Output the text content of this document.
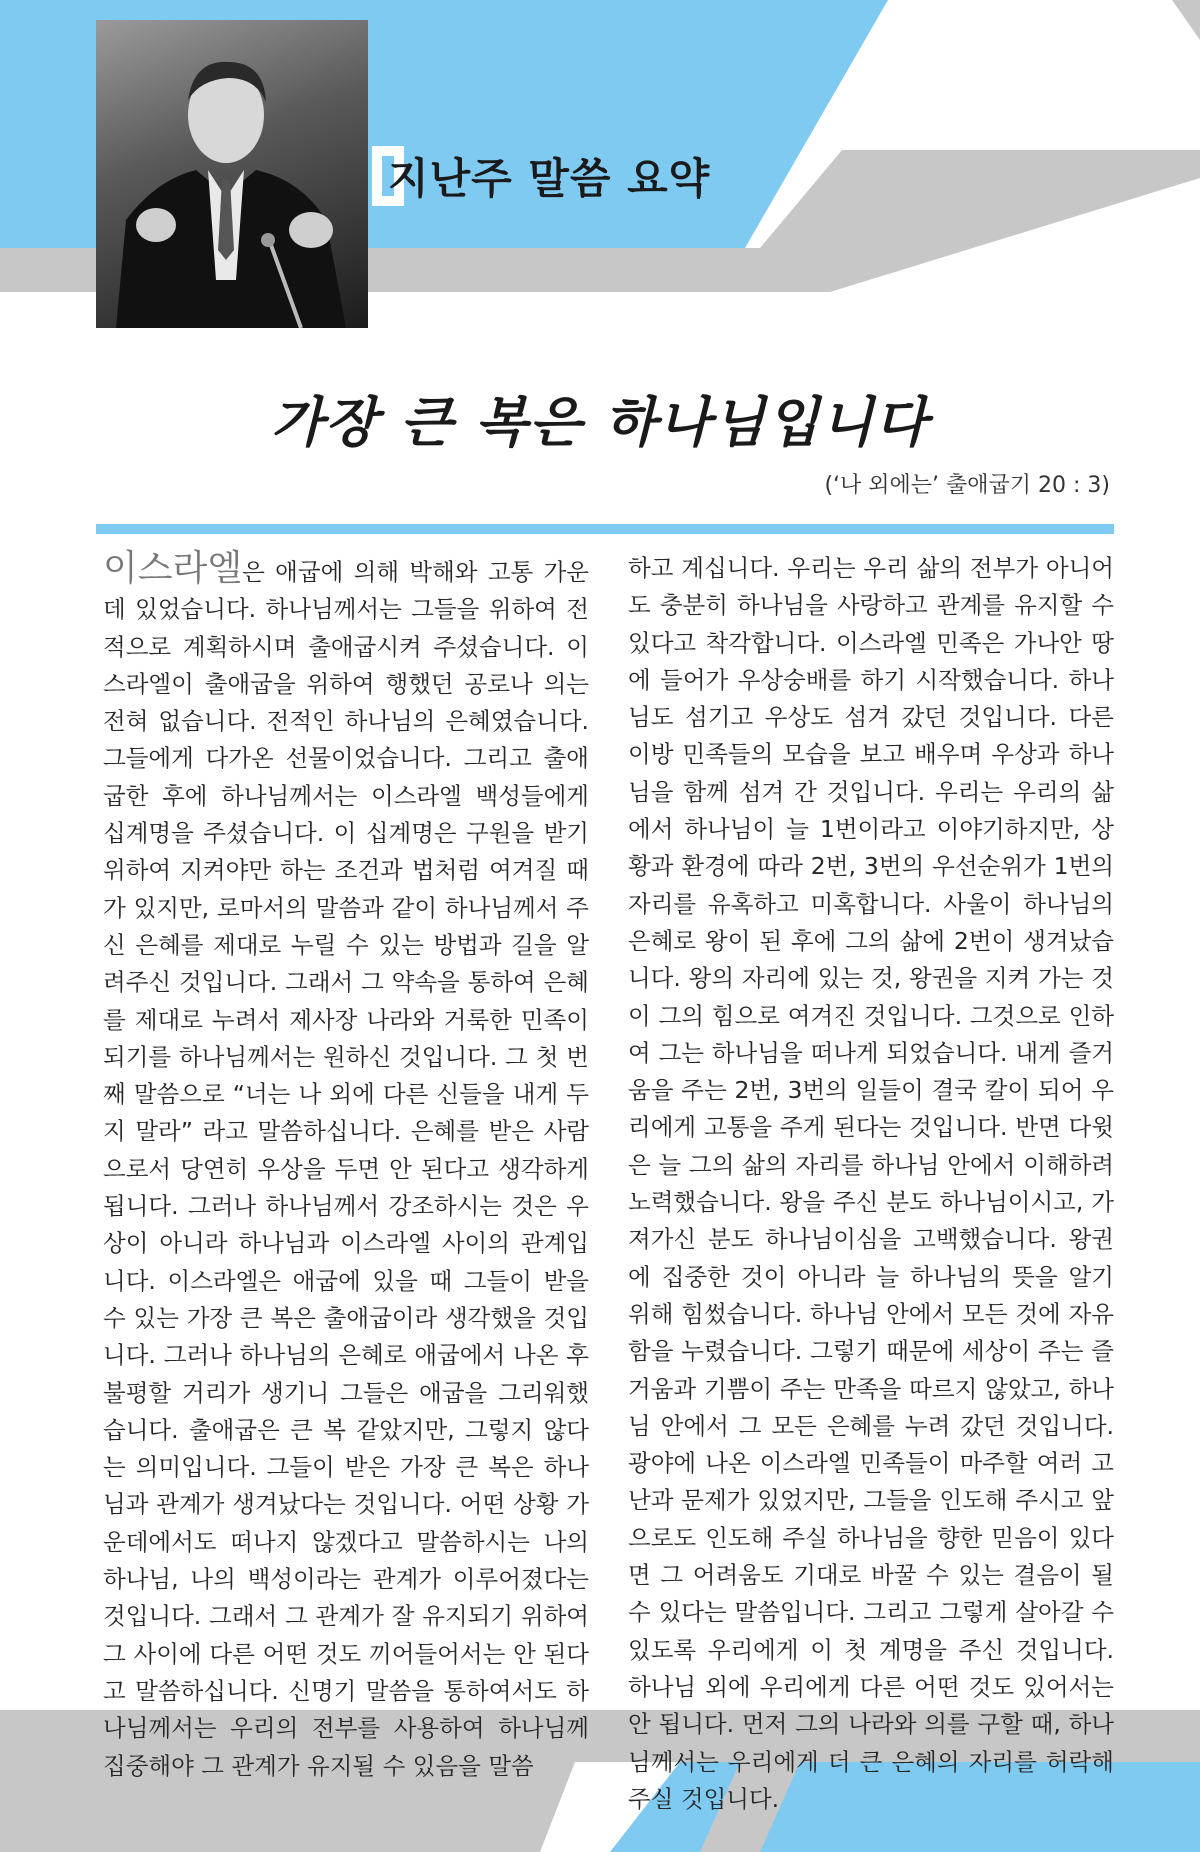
지난주 말씀 요약
가장 큰 복은 하나님입니다
(‘나 외에는’ 출애굽기 20 : 3)
이스라엘은 애굽에 의해 박해와 고통 가운데 있었습니다. 하나님께서는 그들을 위하여 전적으로 계획하시며 출애굽시켜 주셨습니다. 이스라엘이 출애굽을 위하여 행했던 공로나 의는 전혀 없습니다. 전적인 하나님의 은혜였습니다. 그들에게 다가온 선물이었습니다. 그리고 출애굽한 후에 하나님께서는 이스라엘 백성들에게 십계명을 주셨습니다. 이 십계명은 구원을 받기 위하여 지켜야만 하는 조건과 법처럼 여겨질 때가 있지만, 로마서의 말씀과 같이 하나님께서 주신 은혜를 제대로 누릴 수 있는 방법과 길을 알려주신 것입니다. 그래서 그 약속을 통하여 은혜를 제대로 누려서 제사장 나라와 거룩한 민족이 되기를 하나님께서는 원하신 것입니다. 그 첫 번째 말씀으로 “너는 나 외에 다른 신들을 내게 두지 말라” 라고 말씀하십니다. 은혜를 받은 사람으로서 당연히 우상을 두면 안 된다고 생각하게 됩니다. 그러나 하나님께서 강조하시는 것은 우상이 아니라 하나님과 이스라엘 사이의 관계입니다. 이스라엘은 애굽에 있을 때 그들이 받을 수 있는 가장 큰 복은 출애굽이라 생각했을 것입니다. 그러나 하나님의 은혜로 애굽에서 나온 후 불평할 거리가 생기니 그들은 애굽을 그리워했습니다. 출애굽은 큰 복 같았지만, 그렇지 않다는 의미입니다. 그들이 받은 가장 큰 복은 하나님과 관계가 생겨났다는 것입니다. 어떤 상황 가운데에서도 떠나지 않겠다고 말씀하시는 나의 하나님, 나의 백성이라는 관계가 이루어졌다는 것입니다. 그래서 그 관계가 잘 유지되기 위하여 그 사이에 다른 어떤 것도 끼어들어서는 안 된다고 말씀하십니다. 신명기 말씀을 통하여서도 하나님께서는 우리의 전부를 사용하여 하나님께 집중해야 그 관계가 유지될 수 있음을 말씀
하고 계십니다. 우리는 우리 삶의 전부가 아니어도 충분히 하나님을 사랑하고 관계를 유지할 수 있다고 착각합니다. 이스라엘 민족은 가나안 땅에 들어가 우상숭배를 하기 시작했습니다. 하나님도 섬기고 우상도 섬겨 갔던 것입니다. 다른 이방 민족들의 모습을 보고 배우며 우상과 하나님을 함께 섬겨 간 것입니다. 우리는 우리의 삶에서 하나님이 늘 1번이라고 이야기하지만, 상황과 환경에 따라 2번, 3번의 우선순위가 1번의 자리를 유혹하고 미혹합니다. 사울이 하나님의 은혜로 왕이 된 후에 그의 삶에 2번이 생겨났습니다. 왕의 자리에 있는 것, 왕권을 지켜 가는 것이 그의 힘으로 여겨진 것입니다. 그것으로 인하여 그는 하나님을 떠나게 되었습니다. 내게 즐거움을 주는 2번, 3번의 일들이 결국 칼이 되어 우리에게 고통을 주게 된다는 것입니다. 반면 다윗은 늘 그의 삶의 자리를 하나님 안에서 이해하려 노력했습니다. 왕을 주신 분도 하나님이시고, 가져가신 분도 하나님이심을 고백했습니다. 왕권에 집중한 것이 아니라 늘 하나님의 뜻을 알기 위해 힘썼습니다. 하나님 안에서 모든 것에 자유함을 누렸습니다. 그렇기 때문에 세상이 주는 즐거움과 기쁨이 주는 만족을 따르지 않았고, 하나님 안에서 그 모든 은혜를 누려 갔던 것입니다. 광야에 나온 이스라엘 민족들이 마주할 여러 고난과 문제가 있었지만, 그들을 인도해 주시고 앞으로도 인도해 주실 하나님을 향한 믿음이 있다면 그 어려움도 기대로 바꿀 수 있는 결음이 될 수 있다는 말씀입니다. 그리고 그렇게 살아갈 수 있도록 우리에게 이 첫 계명을 주신 것입니다. 하나님 외에 우리에게 다른 어떤 것도 있어서는 안 됩니다. 먼저 그의 나라와 의를 구할 때, 하나님께서는 우리에게 더 큰 은혜의 자리를 허락해 주실 것입니다.
